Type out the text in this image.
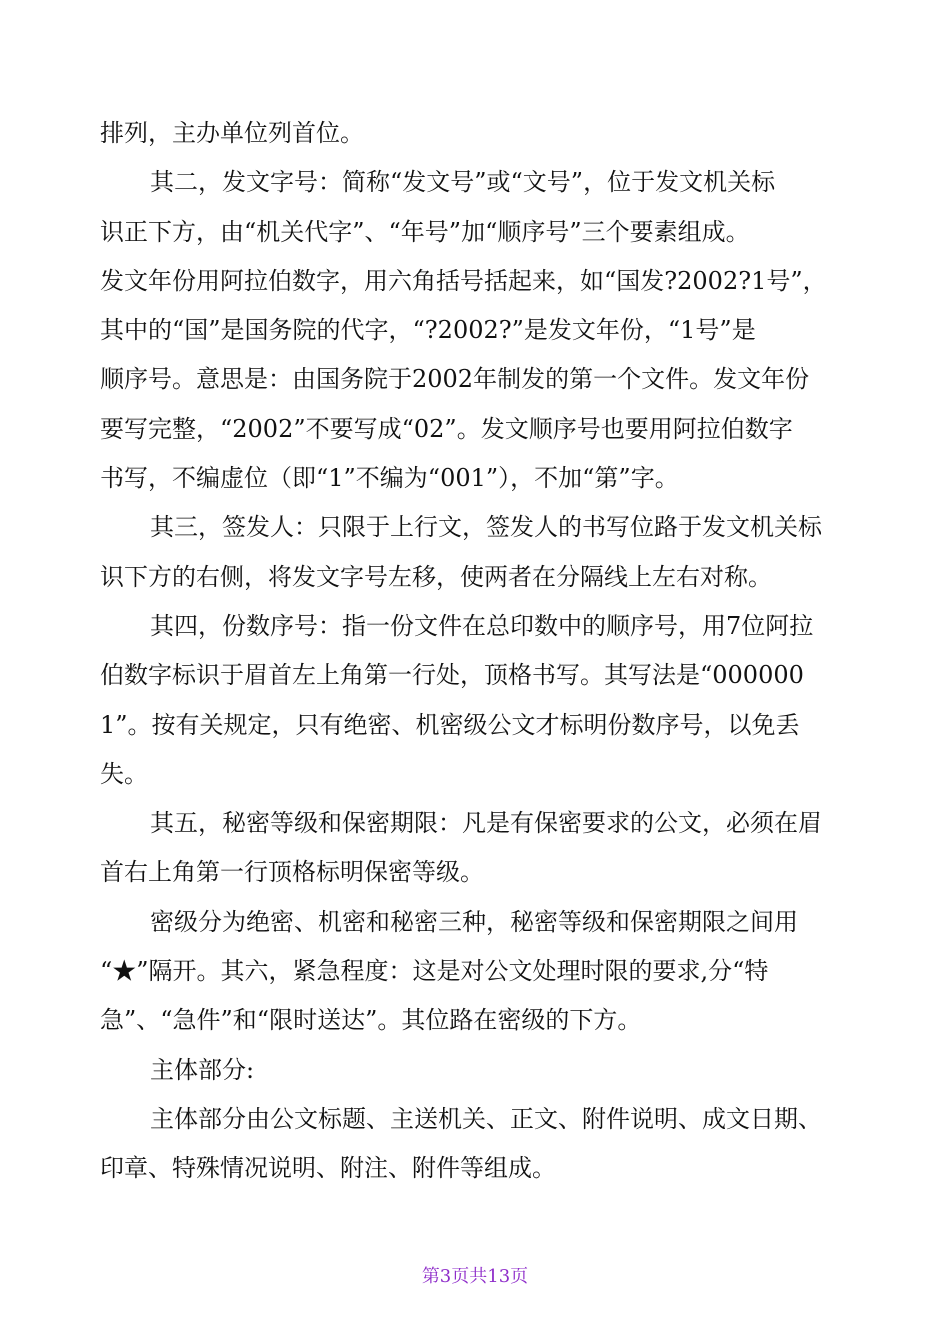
排列，主办单位列首位。
其二，发文字号：简称“发文号”或“文号”，位于发文机关标
识正下方，由“机关代字”、“年号”加“顺序号”三个要素组成。
发文年份用阿拉伯数字，用六角括号括起来，如“国发?2002?1号”，
其中的“国”是国务院的代字，“?2002?”是发文年份，“1号”是
顺序号。意思是：由国务院于2002年制发的第一个文件。发文年份
要写完整，“2002”不要写成“02”。发文顺序号也要用阿拉伯数字
书写，不编虚位（即“1”不编为“001”），不加“第”字。
其三，签发人：只限于上行文，签发人的书写位路于发文机关标
识下方的右侧，将发文字号左移，使两者在分隔线上左右对称。
其四，份数序号：指一份文件在总印数中的顺序号，用7位阿拉
伯数字标识于眉首左上角第一行处，顶格书写。其写法是“000000
1”。按有关规定，只有绝密、机密级公文才标明份数序号，以免丢
失。
其五，秘密等级和保密期限：凡是有保密要求的公文，必须在眉
首右上角第一行顶格标明保密等级。
密级分为绝密、机密和秘密三种，秘密等级和保密期限之间用
“★”隔开。其六，紧急程度：这是对公文处理时限的要求,分“特
急”、“急件”和“限时送达”。其位路在密级的下方。
主体部分:
主体部分由公文标题、主送机关、正文、附件说明、成文日期、
印章、特殊情况说明、附注、附件等组成。
第3页共13页
